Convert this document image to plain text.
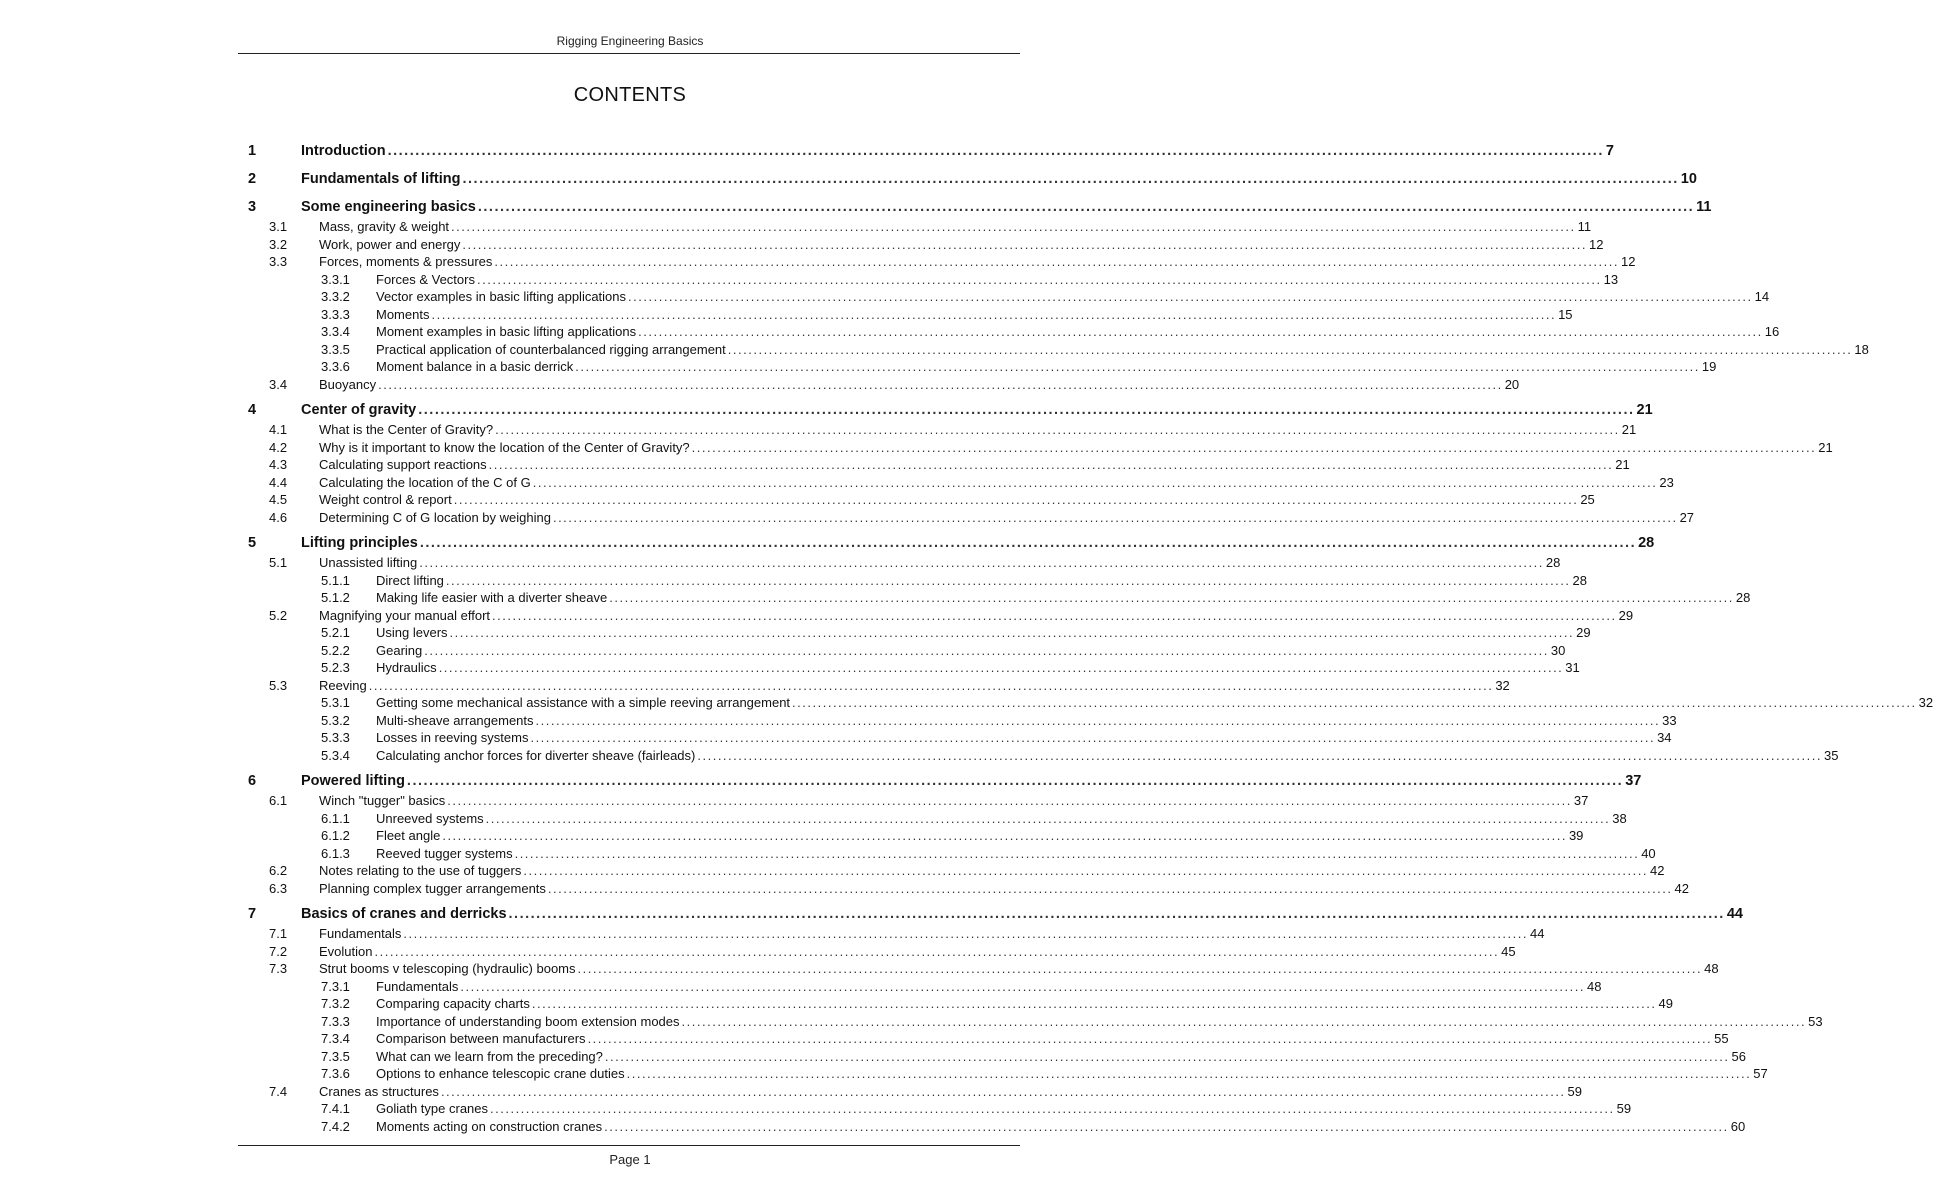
Rigging Engineering Basics
CONTENTS
1	Introduction ............................................................................................................................................................................................................................ 7
2	Fundamentals of lifting ............................................................................................................................................................................................................................ 10
3	Some engineering basics ............................................................................................................................................................................................................................ 11
3.1	Mass, gravity & weight ............................................................................................................................................................................................................................ 11
3.2	Work, power and energy ............................................................................................................................................................................................................................ 12
3.3	Forces, moments & pressures ............................................................................................................................................................................................................................ 12
3.3.1	Forces & Vectors ............................................................................................................................................................................................................................ 13
3.3.2	Vector examples in basic lifting applications ............................................................................................................................................................................................................................ 14
3.3.3	Moments ............................................................................................................................................................................................................................ 15
3.3.4	Moment examples in basic lifting applications ............................................................................................................................................................................................................................ 16
3.3.5	Practical application of counterbalanced rigging arrangement ............................................................................................................................................................................................................................ 18
3.3.6	Moment balance in a basic derrick ............................................................................................................................................................................................................................ 19
3.4	Buoyancy ............................................................................................................................................................................................................................ 20
4	Center of gravity ............................................................................................................................................................................................................................ 21
4.1	What is the Center of Gravity? ............................................................................................................................................................................................................................ 21
4.2	Why is it important to know the location of the Center of Gravity? ............................................................................................................................................................................................................................ 21
4.3	Calculating support reactions ............................................................................................................................................................................................................................ 21
4.4	Calculating the location of the C of G ............................................................................................................................................................................................................................ 23
4.5	Weight control & report ............................................................................................................................................................................................................................ 25
4.6	Determining C of G location by weighing ............................................................................................................................................................................................................................ 27
5	Lifting principles ............................................................................................................................................................................................................................ 28
5.1	Unassisted lifting ............................................................................................................................................................................................................................ 28
5.1.1	Direct lifting ............................................................................................................................................................................................................................ 28
5.1.2	Making life easier with a diverter sheave ............................................................................................................................................................................................................................ 28
5.2	Magnifying your manual effort ............................................................................................................................................................................................................................ 29
5.2.1	Using levers ............................................................................................................................................................................................................................ 29
5.2.2	Gearing ............................................................................................................................................................................................................................ 30
5.2.3	Hydraulics ............................................................................................................................................................................................................................ 31
5.3	Reeving ............................................................................................................................................................................................................................ 32
5.3.1	Getting some mechanical assistance with a simple reeving arrangement ............................................................................................................................................................................................................................ 32
5.3.2	Multi-sheave arrangements ............................................................................................................................................................................................................................ 33
5.3.3	Losses in reeving systems ............................................................................................................................................................................................................................ 34
5.3.4	Calculating anchor forces for diverter sheave (fairleads) ............................................................................................................................................................................................................................ 35
6	Powered lifting ............................................................................................................................................................................................................................ 37
6.1	Winch "tugger" basics ............................................................................................................................................................................................................................ 37
6.1.1	Unreeved systems ............................................................................................................................................................................................................................ 38
6.1.2	Fleet angle ............................................................................................................................................................................................................................ 39
6.1.3	Reeved tugger systems ............................................................................................................................................................................................................................ 40
6.2	Notes relating to the use of tuggers ............................................................................................................................................................................................................................ 42
6.3	Planning complex tugger arrangements ............................................................................................................................................................................................................................ 42
7	Basics of cranes and derricks ............................................................................................................................................................................................................................ 44
7.1	Fundamentals ............................................................................................................................................................................................................................ 44
7.2	Evolution ............................................................................................................................................................................................................................ 45
7.3	Strut booms v telescoping (hydraulic) booms ............................................................................................................................................................................................................................ 48
7.3.1	Fundamentals ............................................................................................................................................................................................................................ 48
7.3.2	Comparing capacity charts ............................................................................................................................................................................................................................ 49
7.3.3	Importance of understanding boom extension modes ............................................................................................................................................................................................................................ 53
7.3.4	Comparison between manufacturers ............................................................................................................................................................................................................................ 55
7.3.5	What can we learn from the preceding? ............................................................................................................................................................................................................................ 56
7.3.6	Options to enhance telescopic crane duties ............................................................................................................................................................................................................................ 57
7.4	Cranes as structures ............................................................................................................................................................................................................................ 59
7.4.1	Goliath type cranes ............................................................................................................................................................................................................................ 59
7.4.2	Moments acting on construction cranes ............................................................................................................................................................................................................................ 60
Page 1
